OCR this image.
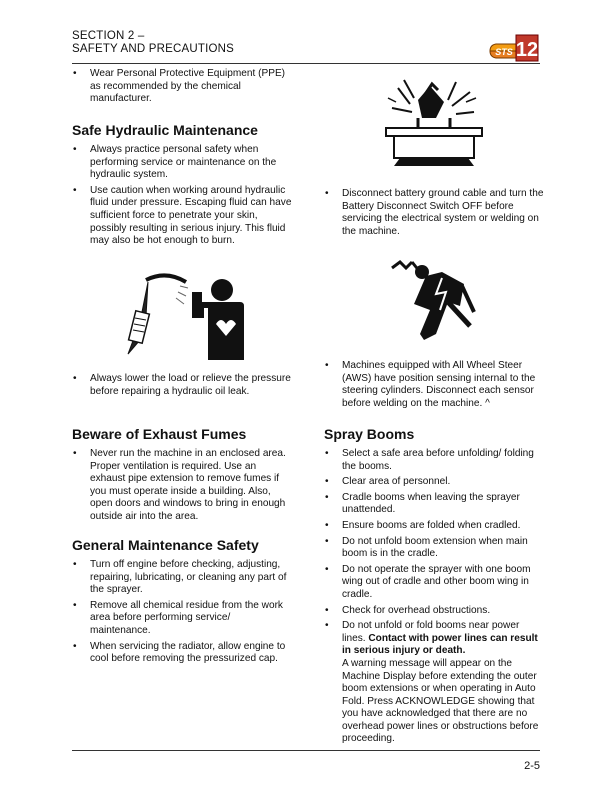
SECTION 2 –
SAFETY AND PRECAUTIONS	STS 12
• Wear Personal Protective Equipment (PPE) as recommended by the chemical manufacturer.
Safe Hydraulic Maintenance
• Always practice personal safety when performing service or maintenance on the hydraulic system.
• Use caution when working around hydraulic fluid under pressure. Escaping fluid can have sufficient force to penetrate your skin, possibly resulting in serious injury. This fluid may also be hot enough to burn.
• Always lower the load or relieve the pressure before repairing a hydraulic oil leak.
Beware of Exhaust Fumes
• Never run the machine in an enclosed area. Proper ventilation is required. Use an exhaust pipe extension to remove fumes if you must operate inside a building. Also, open doors and windows to bring in enough outside air into the area.
General Maintenance Safety
• Turn off engine before checking, adjusting, repairing, lubricating, or cleaning any part of the sprayer.
• Remove all chemical residue from the work area before performing service/ maintenance.
• When servicing the radiator, allow engine to cool before removing the pressurized cap.
• Disconnect battery ground cable and turn the Battery Disconnect Switch OFF before servicing the electrical system or welding on the machine.
• Machines equipped with All Wheel Steer (AWS) have position sensing internal to the steering cylinders. Disconnect each sensor before welding on the machine. ^
Spray Booms
• Select a safe area before unfolding/ folding the booms.
• Clear area of personnel.
• Cradle booms when leaving the sprayer unattended.
• Ensure booms are folded when cradled.
• Do not unfold boom extension when main boom is in the cradle.
• Do not operate the sprayer with one boom wing out of cradle and other boom wing in cradle.
• Check for overhead obstructions.
• Do not unfold or fold booms near power lines. Contact with power lines can result in serious injury or death.
A warning message will appear on the Machine Display before extending the outer boom extensions or when operating in Auto Fold. Press ACKNOWLEDGE showing that you have acknowledged that there are no overhead power lines or obstructions before proceeding.
2-5
